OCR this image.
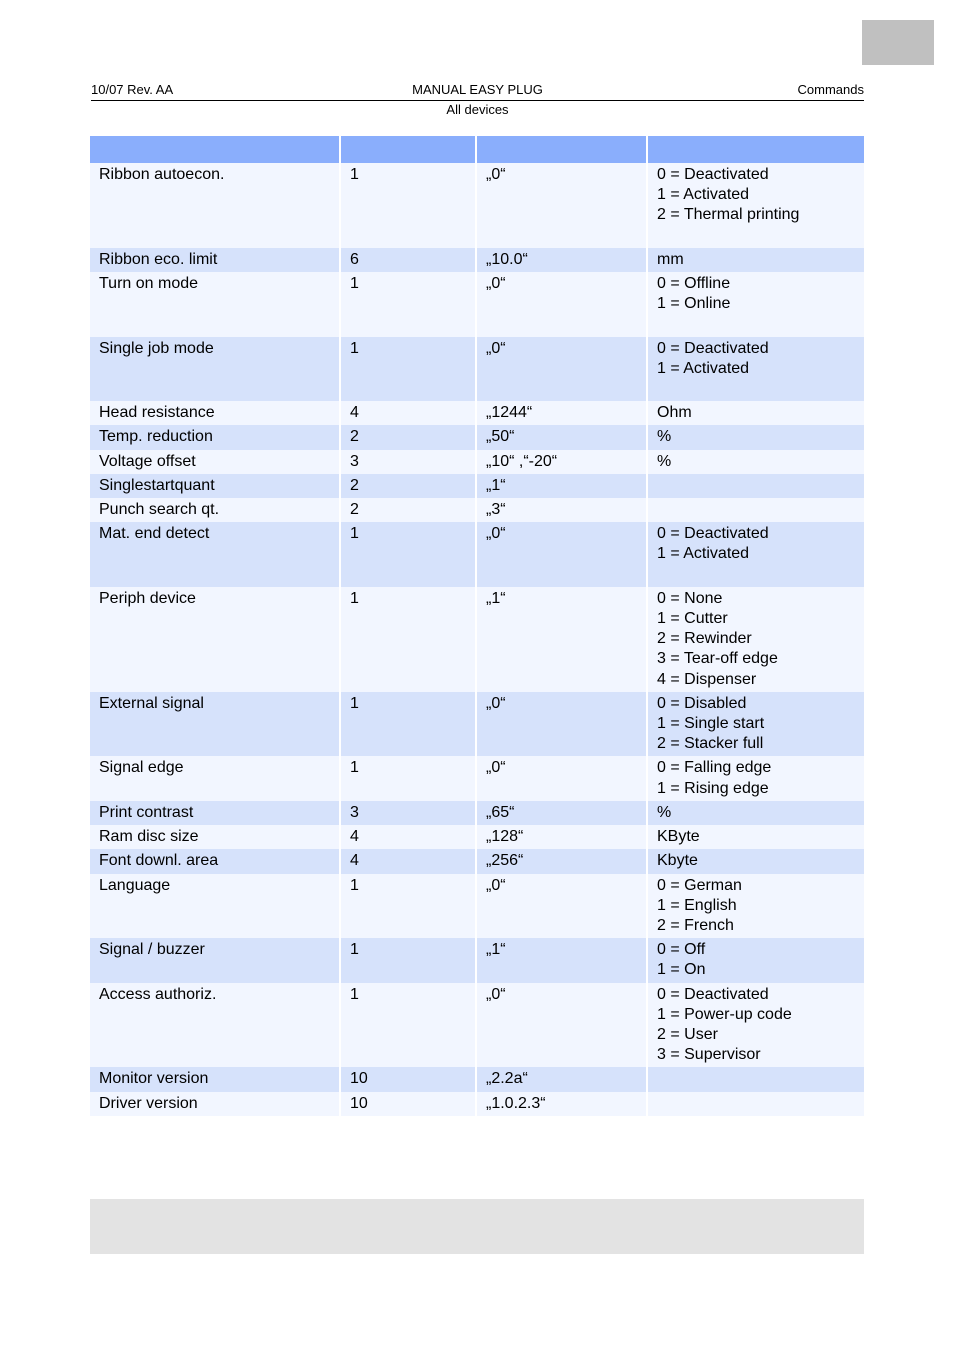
10/07 Rev. AA	MANUAL EASY PLUG	Commands
All devices
Ribbon autoecon.	1	„0“	0 = Deactivated
1 = Activated
2 = Thermal printing

Ribbon eco. limit	6	„10.0“	mm
Turn on mode	1	„0“	0 = Offline
1 = Online

Single job mode	1	„0“	0 = Deactivated
1 = Activated

Head resistance	4	„1244“	Ohm
Temp. reduction	2	„50“	%
Voltage offset	3	„10“ ,“-20“	%
Singlestartquant	2	„1“

Punch search qt.	2	„3“

Mat. end detect	1	„0“	0 = Deactivated
1 = Activated

Periph device	1	„1“	0 = None
1 = Cutter
2 = Rewinder
3 = Tear-off edge
4 = Dispenser
External signal	1	„0“	0 = Disabled
1 = Single start
2 = Stacker full
Signal edge	1	„0“	0 = Falling edge
1 = Rising edge
Print contrast	3	„65“	%
Ram disc size	4	„128“	KByte
Font downl. area	4	„256“	Kbyte
Language	1	„0“	0 = German
1 = English
2 = French
Signal / buzzer	1	„1“	0 = Off
1 = On
Access authoriz.	1	„0“	0 = Deactivated
1 = Power-up code
2 = User
3 = Supervisor
Monitor version	10	„2.2a“

Driver version	10	„1.0.2.3“
